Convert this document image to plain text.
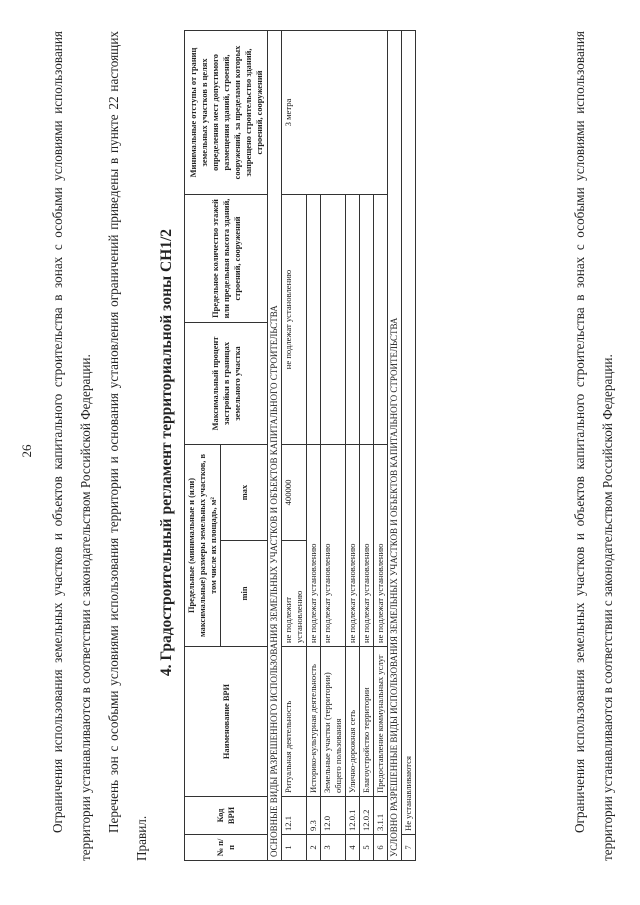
26	Ограничения использования земельных участков и объектов капитального строительства в зонах с особыми условиями использования территории устанавливаются в соответствии с законодательством Российской Федерации. Перечень зон с особыми условиями использования территории и основания установления ограничений приведены в пункте 22 настоящих Правил.

4. Градостроительный регламент территориальной зоны СН1/2
№ п/п	Код ВРИ	Наименование ВРИ	Предельные (минимальные и (или) максимальные) размеры земельных участков, в том числе их площадь, м²		Максимальный процент застройки в границах земельного участка	Предельное количество этажей или предельная высота зданий, строений, сооружений	Минимальные отступы от границ земельных участков в целях определения мест допустимого размещения зданий, строений, сооружений, за пределами которых запрещено строительство зданий, строений, сооружений
			min	max			
ОСНОВНЫЕ ВИДЫ РАЗРЕШЕННОГО ИСПОЛЬЗОВАНИЯ ЗЕМЕЛЬНЫХ УЧАСТКОВ И ОБЪЕКТОВ КАПИТАЛЬНОГО СТРОИТЕЛЬСТВА							
1	12.1	Ритуальная деятельность	не подлежит установлению	400000	не подлежат установлению		3 метра
2	9.3	Историко-культурная деятельность	не подлежат установлению				
3	12.0	Земельные участки (территории) общего пользования	не подлежат установлению				
4	12.0.1	Улично-дорожная сеть	не подлежат установлению				
5	12.0.2	Благоустройство территории	не подлежат установлению				
6	3.1.1	Предоставление коммунальных услуг	не подлежат установлению				
УСЛОВНО РАЗРЕШЕННЫЕ ВИДЫ ИСПОЛЬЗОВАНИЯ ЗЕМЕЛЬНЫХ УЧАСТКОВ И ОБЪЕКТОВ КАПИТАЛЬНОГО СТРОИТЕЛЬСТВА							
7	Не устанавливаются							Ограничения использования земельных участков и объектов капитального строительства в зонах с особыми условиями использования территории устанавливаются в соответствии с законодательством Российской Федерации.
